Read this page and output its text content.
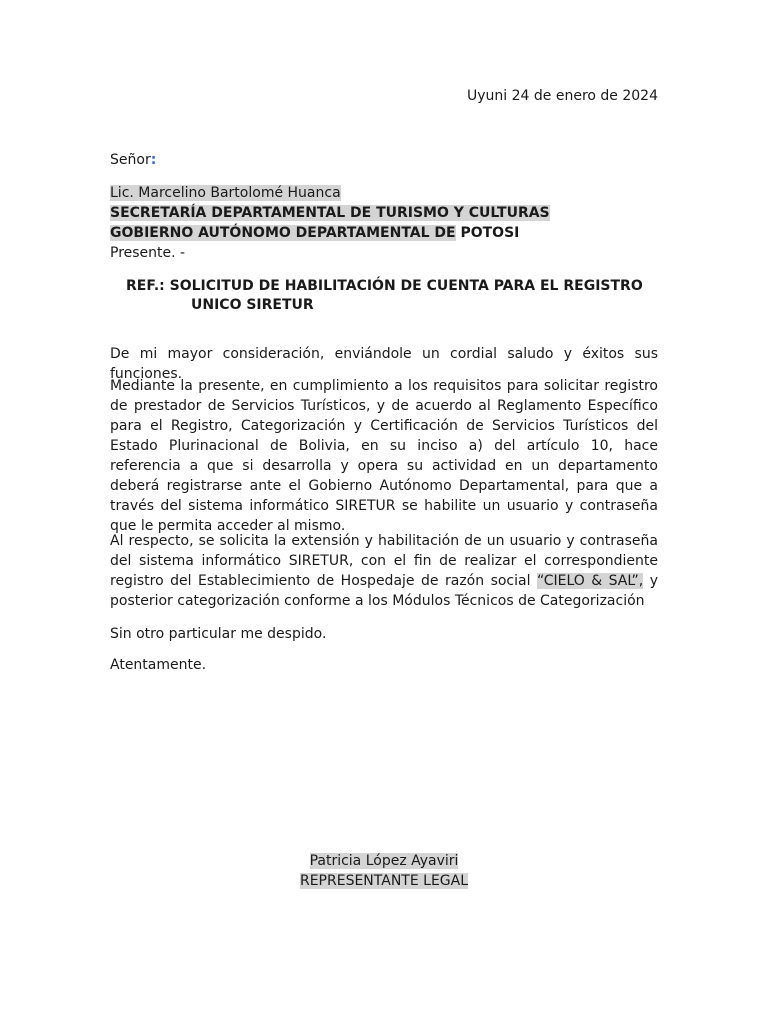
Uyuni 24 de enero de 2024
Señor:
Lic. Marcelino Bartolomé Huanca
SECRETARÍA DEPARTAMENTAL DE TURISMO Y CULTURAS
GOBIERNO AUTÓNOMO DEPARTAMENTAL DE POTOSI
Presente. -
REF.: SOLICITUD DE HABILITACIÓN DE CUENTA PARA EL REGISTRO
UNICO SIRETUR
De mi mayor consideración, enviándole un cordial saludo y éxitos sus funciones.
Mediante la presente, en cumplimiento a los requisitos para solicitar registro de prestador de Servicios Turísticos, y de acuerdo al Reglamento Específico para el Registro, Categorización y Certificación de Servicios Turísticos del Estado Plurinacional de Bolivia, en su inciso a) del artículo 10, hace referencia a que si desarrolla y opera su actividad en un departamento deberá registrarse ante el Gobierno Autónomo Departamental, para que a través del sistema informático SIRETUR se habilite un usuario y contraseña que le permita acceder al mismo.
Al respecto, se solicita la extensión y habilitación de un usuario y contraseña del sistema informático SIRETUR, con el fin de realizar el correspondiente registro del Establecimiento de Hospedaje de razón social “CIELO & SAL”, y posterior categorización conforme a los Módulos Técnicos de Categorización
Sin otro particular me despido.
Atentamente.
Patricia López Ayaviri
REPRESENTANTE LEGAL
